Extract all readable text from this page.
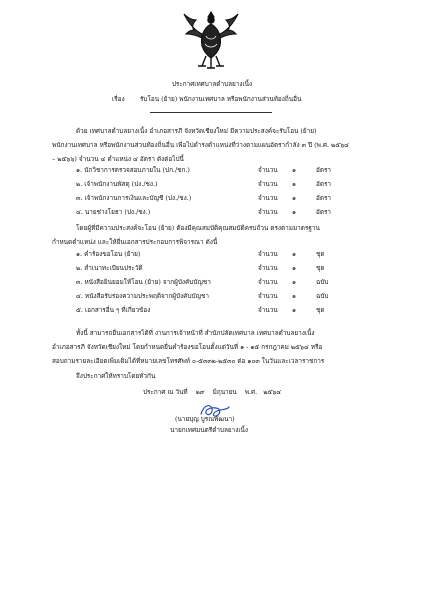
ประกาศเทศบาลตำบลยางเนิ้ง
เรื่อง รับโอน (ย้าย) พนักงานเทศบาล หรือพนักงานส่วนท้องถิ่นอื่น
ด้วย เทศบาลตำบลยางเนิ้ง อำเภอสารภี จังหวัดเชียงใหม่ มีความประสงค์จะรับโอน (ย้าย)
พนักงานเทศบาล หรือพนักงานส่วนท้องถิ่นอื่น เพื่อไปดำรงตำแหน่งที่ว่างตามแผนอัตรากำลัง ๓ ปี (พ.ศ. ๒๕๖๔
– ๒๕๖๖) จำนวน ๔ ตำแหน่ง ๔ อัตรา ดังต่อไปนี้
๑. นักวิชาการตรวจสอบภายใน (ปก./ชก.)	จำนวน ๑	อัตรา
๒. เจ้าพนักงานพัสดุ (ปง./ชง.)	จำนวน ๑	อัตรา
๓. เจ้าพนักงานการเงินและบัญชี (ปง./ชง.)	จำนวน ๑	อัตรา
๔. นายช่างโยธา (ปง./ชง.)	จำนวน ๑	อัตรา
โดยผู้ที่มีความประสงค์จะโอน (ย้าย) ต้องมีคุณสมบัติคุณสมบัติครบถ้วน ตรงตามมาตรฐาน
กำหนดตำแหน่ง และให้ยื่นเอกสารประกอบการพิจารณา ดังนี้
๑. คำร้องขอโอน (ย้าย)	จำนวน ๑	ชุด
๒. สำเนาทะเบียนประวัติ	จำนวน ๑	ชุด
๓. หนังสือยินยอมให้โอน (ย้าย) จากผู้บังคับบัญชา	จำนวน ๑	ฉบับ
๔. หนังสือรับรองความประพฤติจากผู้บังคับบัญชา	จำนวน ๑	ฉบับ
๕. เอกสารอื่น ๆ ที่เกี่ยวข้อง	จำนวน ๑	ชุด
ทั้งนี้ สามารถยื่นเอกสารได้ที่ งานการเจ้าหน้าที่ สำนักปลัดเทศบาล เทศบาลตำบลยางเนิ้ง
อำเภอสารภี จังหวัดเชียงใหม่ โดยกำหนดยื่นคำร้องขอโอนตั้งแต่วันที่ ๑ - ๑๕ กรกฎาคม ๒๕๖๔ หรือ
สอบถามรายละเอียดเพิ่มเติมได้ที่หมายเลขโทรศัพท์ ๐-๕๓๓๒-๒๕๓๐ ต่อ ๑๐๓ ในวันและเวลาราชการ
จึงประกาศให้ทราบโดยทั่วกัน
ประกาศ ณ วันที่ ๒๙ มิถุนายน พ.ศ. ๒๕๖๔
(นายบุญ บูรณพัฒนา)
นายกเทศมนตรีตำบลยางเนิ้ง
